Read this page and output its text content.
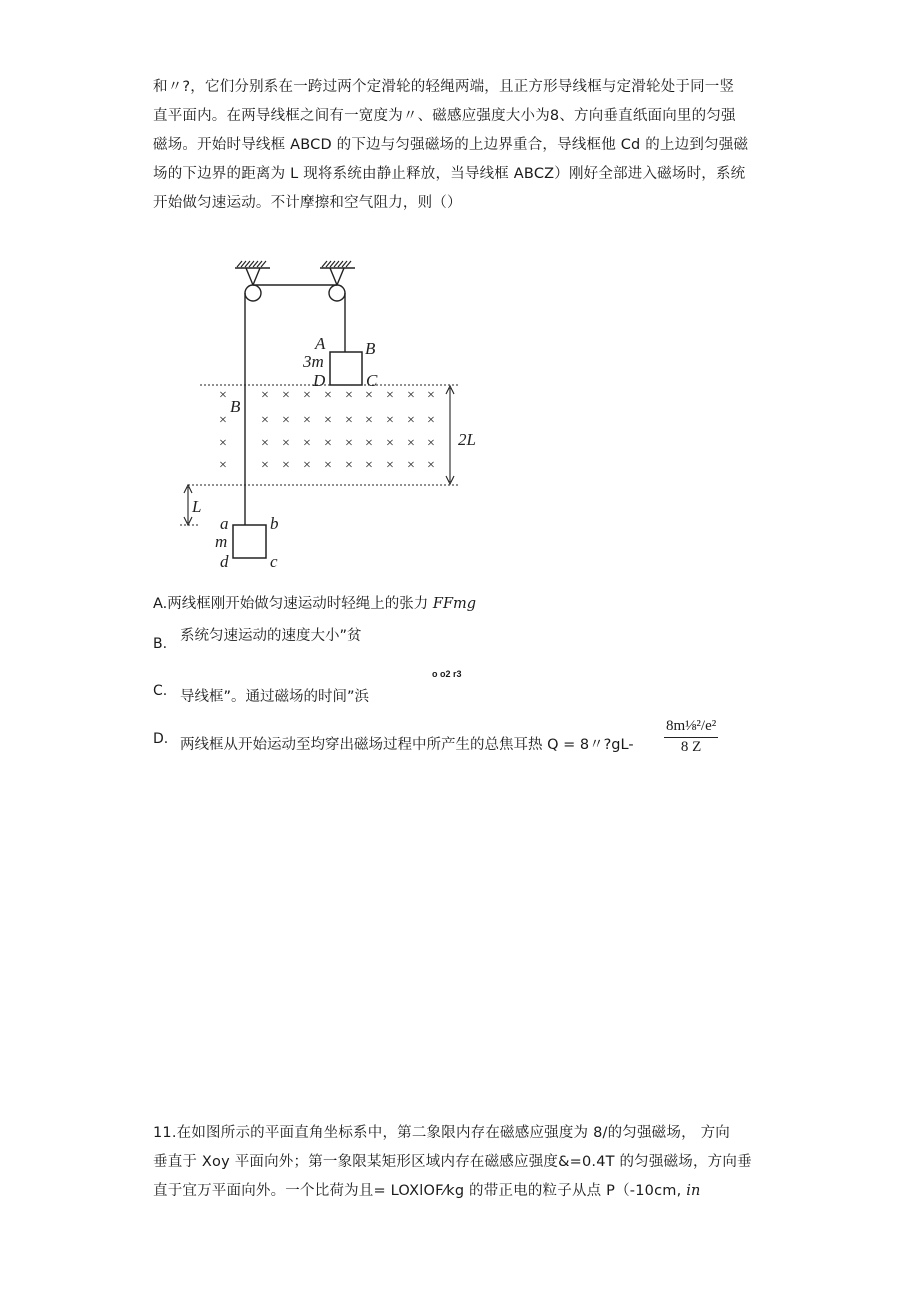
和〃?，它们分别系在一跨过两个定滑轮的轻绳两端，且正方形导线框与定滑轮处于同一竖
直平面内。在两导线框之间有一宽度为〃、磁感应强度大小为8、方向垂直纸面向里的匀强
磁场。开始时导线框 ABCD 的下边与匀强磁场的上边界重合，导线框他 Cd 的上边到匀强磁
场的下边界的距离为 L 现将系统由静止释放，当导线框 ABCZ）刚好全部进入磁场时，系统
开始做匀速运动。不计摩擦和空气阻力，则（）
× × × × × × × × × ×
× × × × × × × × × ×
× × × × × × × × × ×
× × × × × × × × × ×
A B
3m
D C
B
2L
L
a b
m
d c
A.两线框刚开始做匀速运动时轻绳上的张力 FFmg
B. 系统匀速运动的速度大小”贫
o o2 r3
C. 导线框”。通过磁场的时间”浜
D. 两线框从开始运动至均穿出磁场过程中所产生的总焦耳热 Q = 8〃?gL- $\frac{\text{8m⅛²/e²}}{8 Z}$
11.在如图所示的平面直角坐标系中，第二象限内存在磁感应强度为 8/的匀强磁场， 方向
垂直于 Xoy 平面向外；第一象限某矩形区域内存在磁感应强度&=0.4T 的匀强磁场，方向垂
直于宜万平面向外。一个比荷为且= LOXlOF⁄kg 的带正电的粒子从点 P（-10cm, in
